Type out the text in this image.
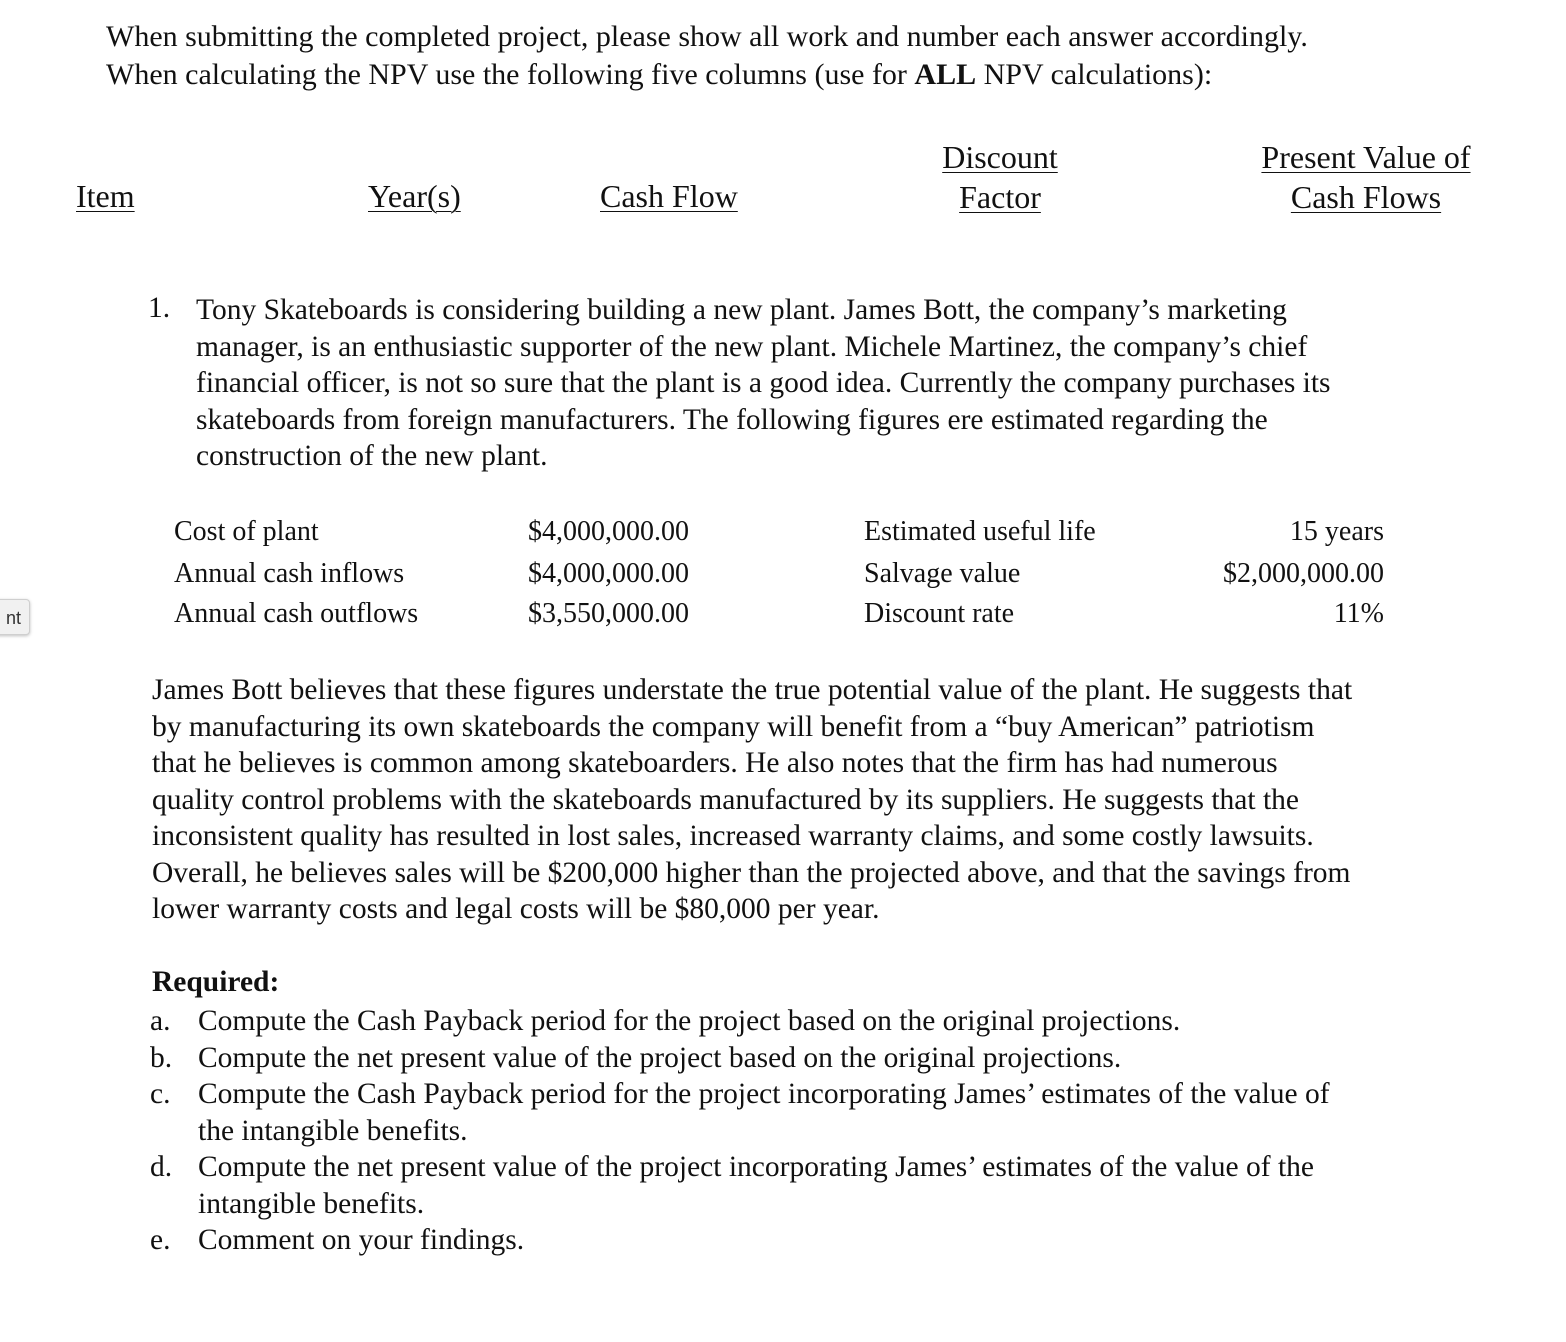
When submitting the completed project, please show all work and number each answer accordingly.
When calculating the NPV use the following five columns (use for ALL NPV calculations):
Item	Year(s)	Cash Flow
Discount
Factor
Present Value of
Cash Flows
1. Tony Skateboards is considering building a new plant. James Bott, the company’s marketing
manager, is an enthusiastic supporter of the new plant. Michele Martinez, the company’s chief
financial officer, is not so sure that the plant is a good idea. Currently the company purchases its
skateboards from foreign manufacturers. The following figures ere estimated regarding the
construction of the new plant.
Cost of plant
Annual cash inflows
Annual cash outflows
$4,000,000.00
$4,000,000.00
$3,550,000.00
Estimated useful life
Salvage value
Discount rate
15 years
$2,000,000.00
11%
James Bott believes that these figures understate the true potential value of the plant. He suggests that
by manufacturing its own skateboards the company will benefit from a “buy American” patriotism
that he believes is common among skateboarders. He also notes that the firm has had numerous
quality control problems with the skateboards manufactured by its suppliers. He suggests that the
inconsistent quality has resulted in lost sales, increased warranty claims, and some costly lawsuits.
Overall, he believes sales will be $200,000 higher than the projected above, and that the savings from
lower warranty costs and legal costs will be $80,000 per year.
Required:
a. Compute the Cash Payback period for the project based on the original projections.
b. Compute the net present value of the project based on the original projections.
c. Compute the Cash Payback period for the project incorporating James’ estimates of the value of
the intangible benefits.
d. Compute the net present value of the project incorporating James’ estimates of the value of the
intangible benefits.
e. Comment on your findings.
nt
